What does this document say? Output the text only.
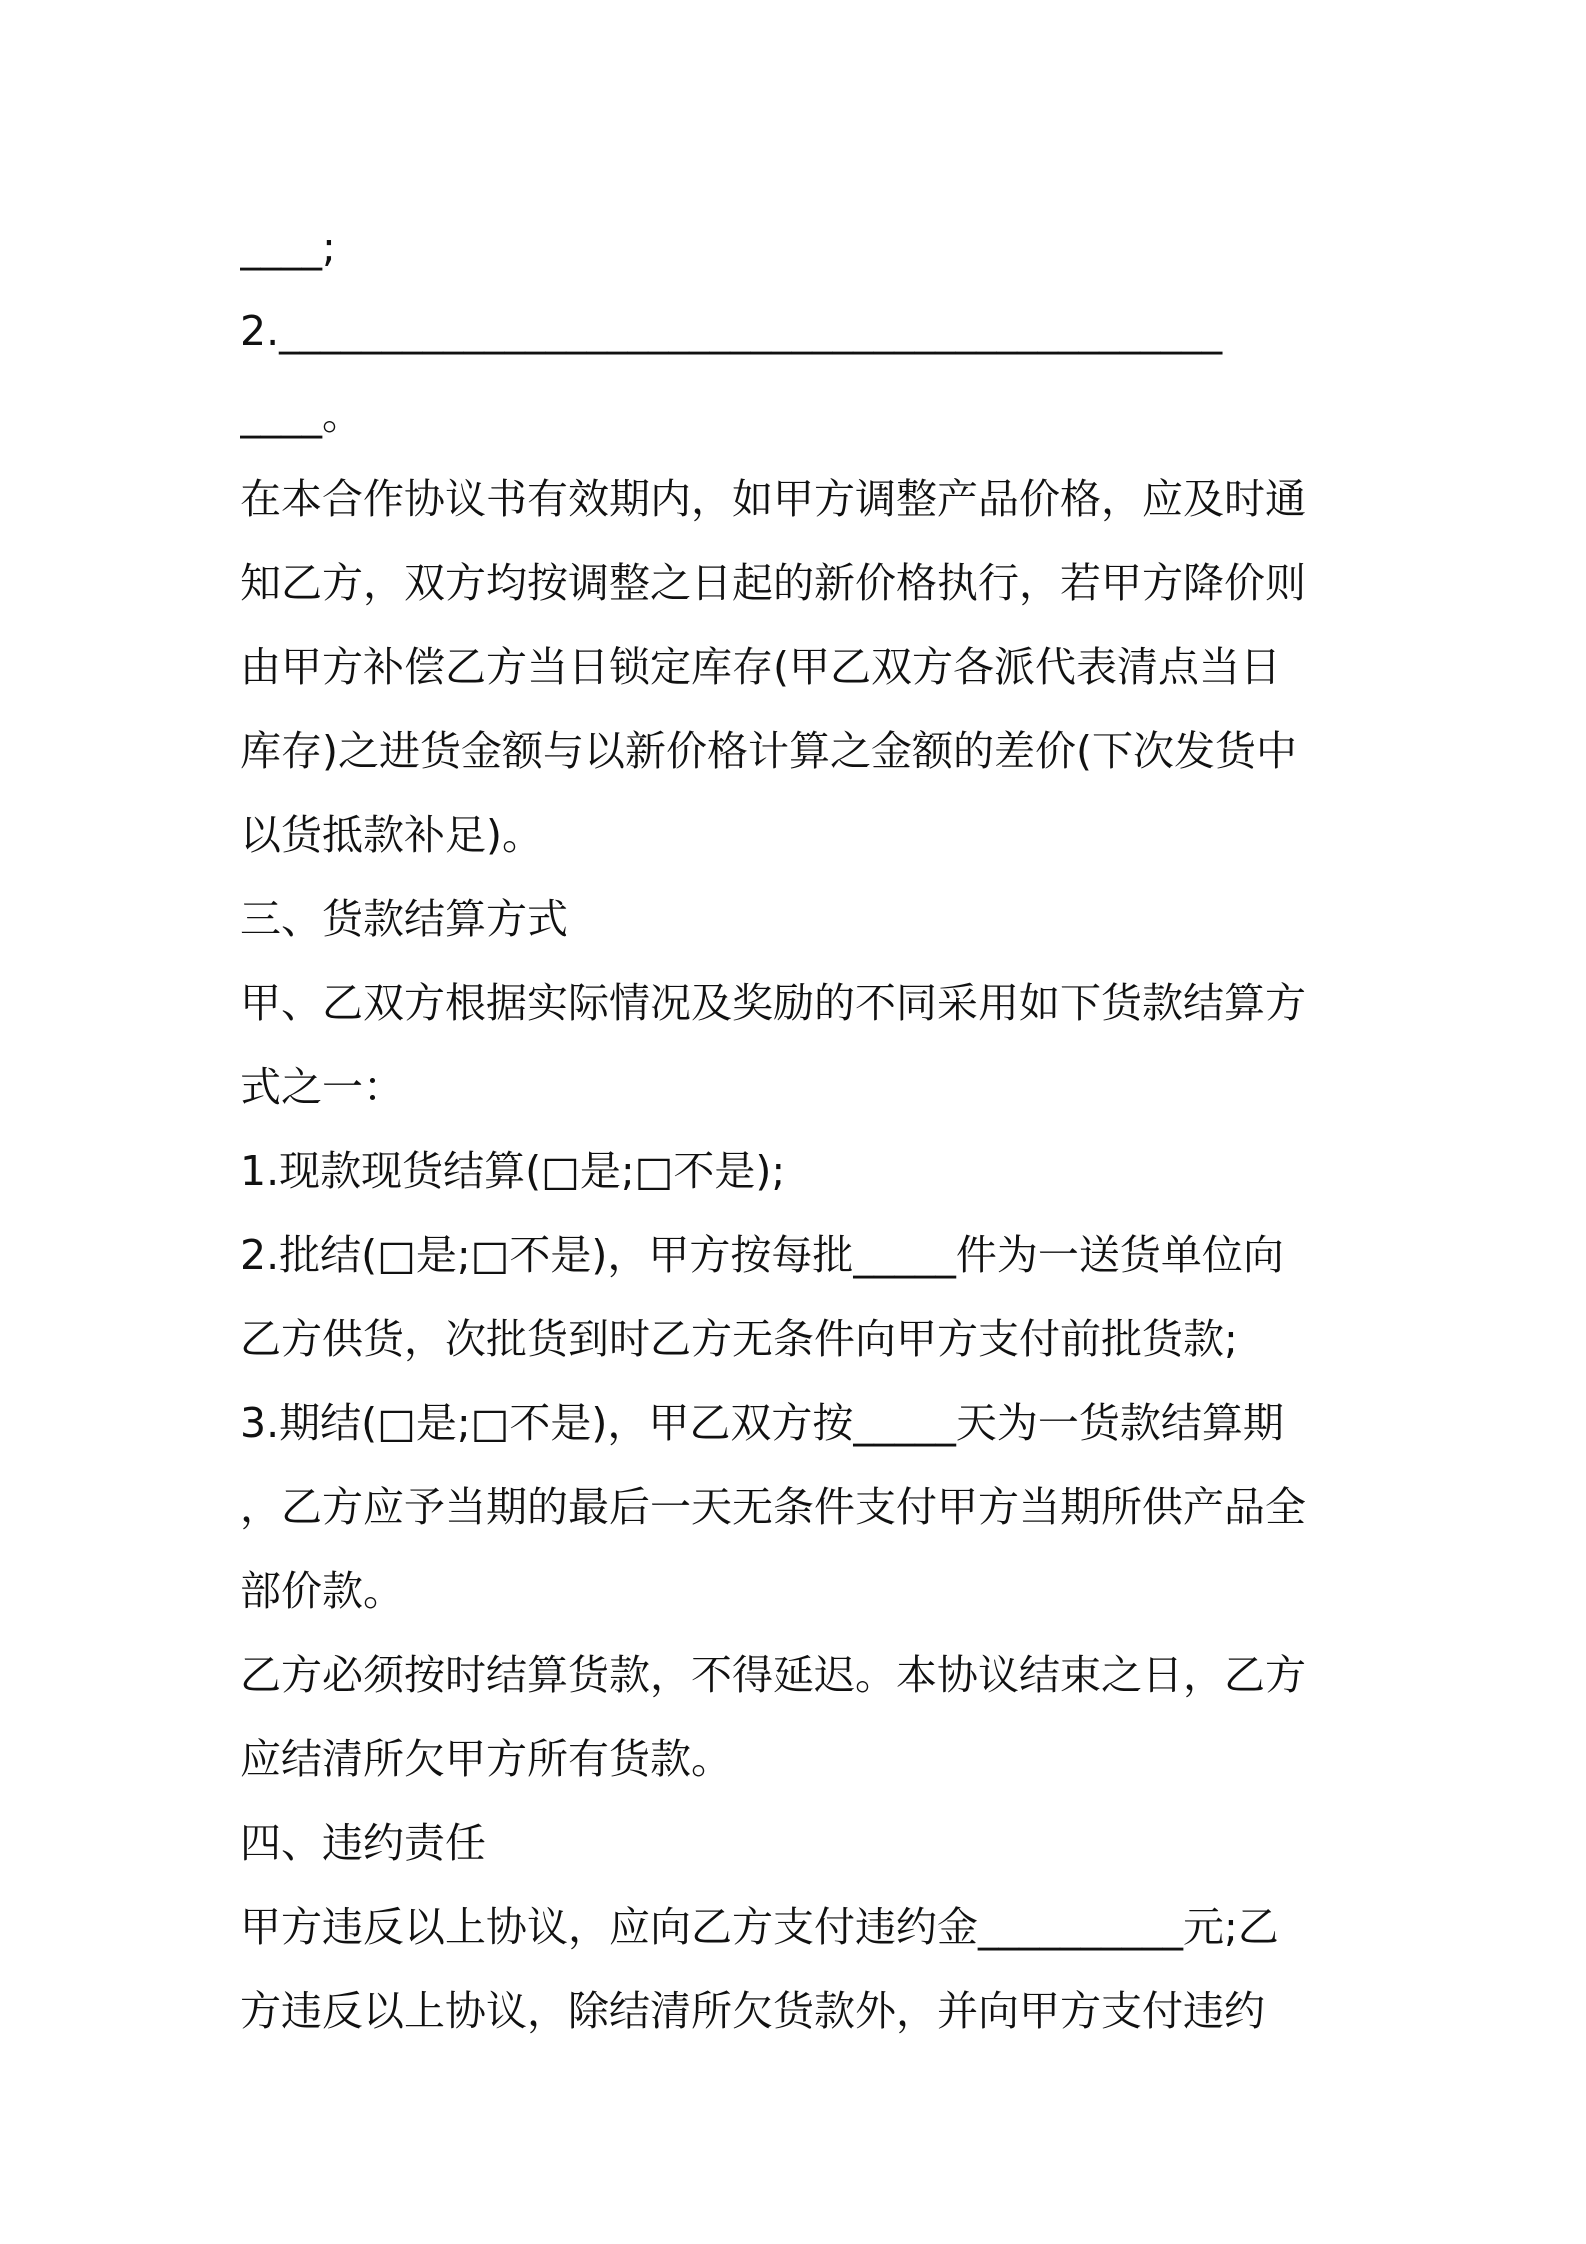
____;
2.______________________________________________
____。
在本合作协议书有效期内，如甲方调整产品价格，应及时通
知乙方，双方均按调整之日起的新价格执行，若甲方降价则
由甲方补偿乙方当日锁定库存(甲乙双方各派代表清点当日
库存)之进货金额与以新价格计算之金额的差价(下次发货中
以货抵款补足)。
三、货款结算方式
甲、乙双方根据实际情况及奖励的不同采用如下货款结算方
式之一：
1.现款现货结算(□是;□不是);
2.批结(□是;□不是)，甲方按每批_____件为一送货单位向
乙方供货，次批货到时乙方无条件向甲方支付前批货款;
3.期结(□是;□不是)，甲乙双方按_____天为一货款结算期
，乙方应予当期的最后一天无条件支付甲方当期所供产品全
部价款。
乙方必须按时结算货款，不得延迟。本协议结束之日，乙方
应结清所欠甲方所有货款。
四、违约责任
甲方违反以上协议，应向乙方支付违约金__________元;乙
方违反以上协议，除结清所欠货款外，并向甲方支付违约
